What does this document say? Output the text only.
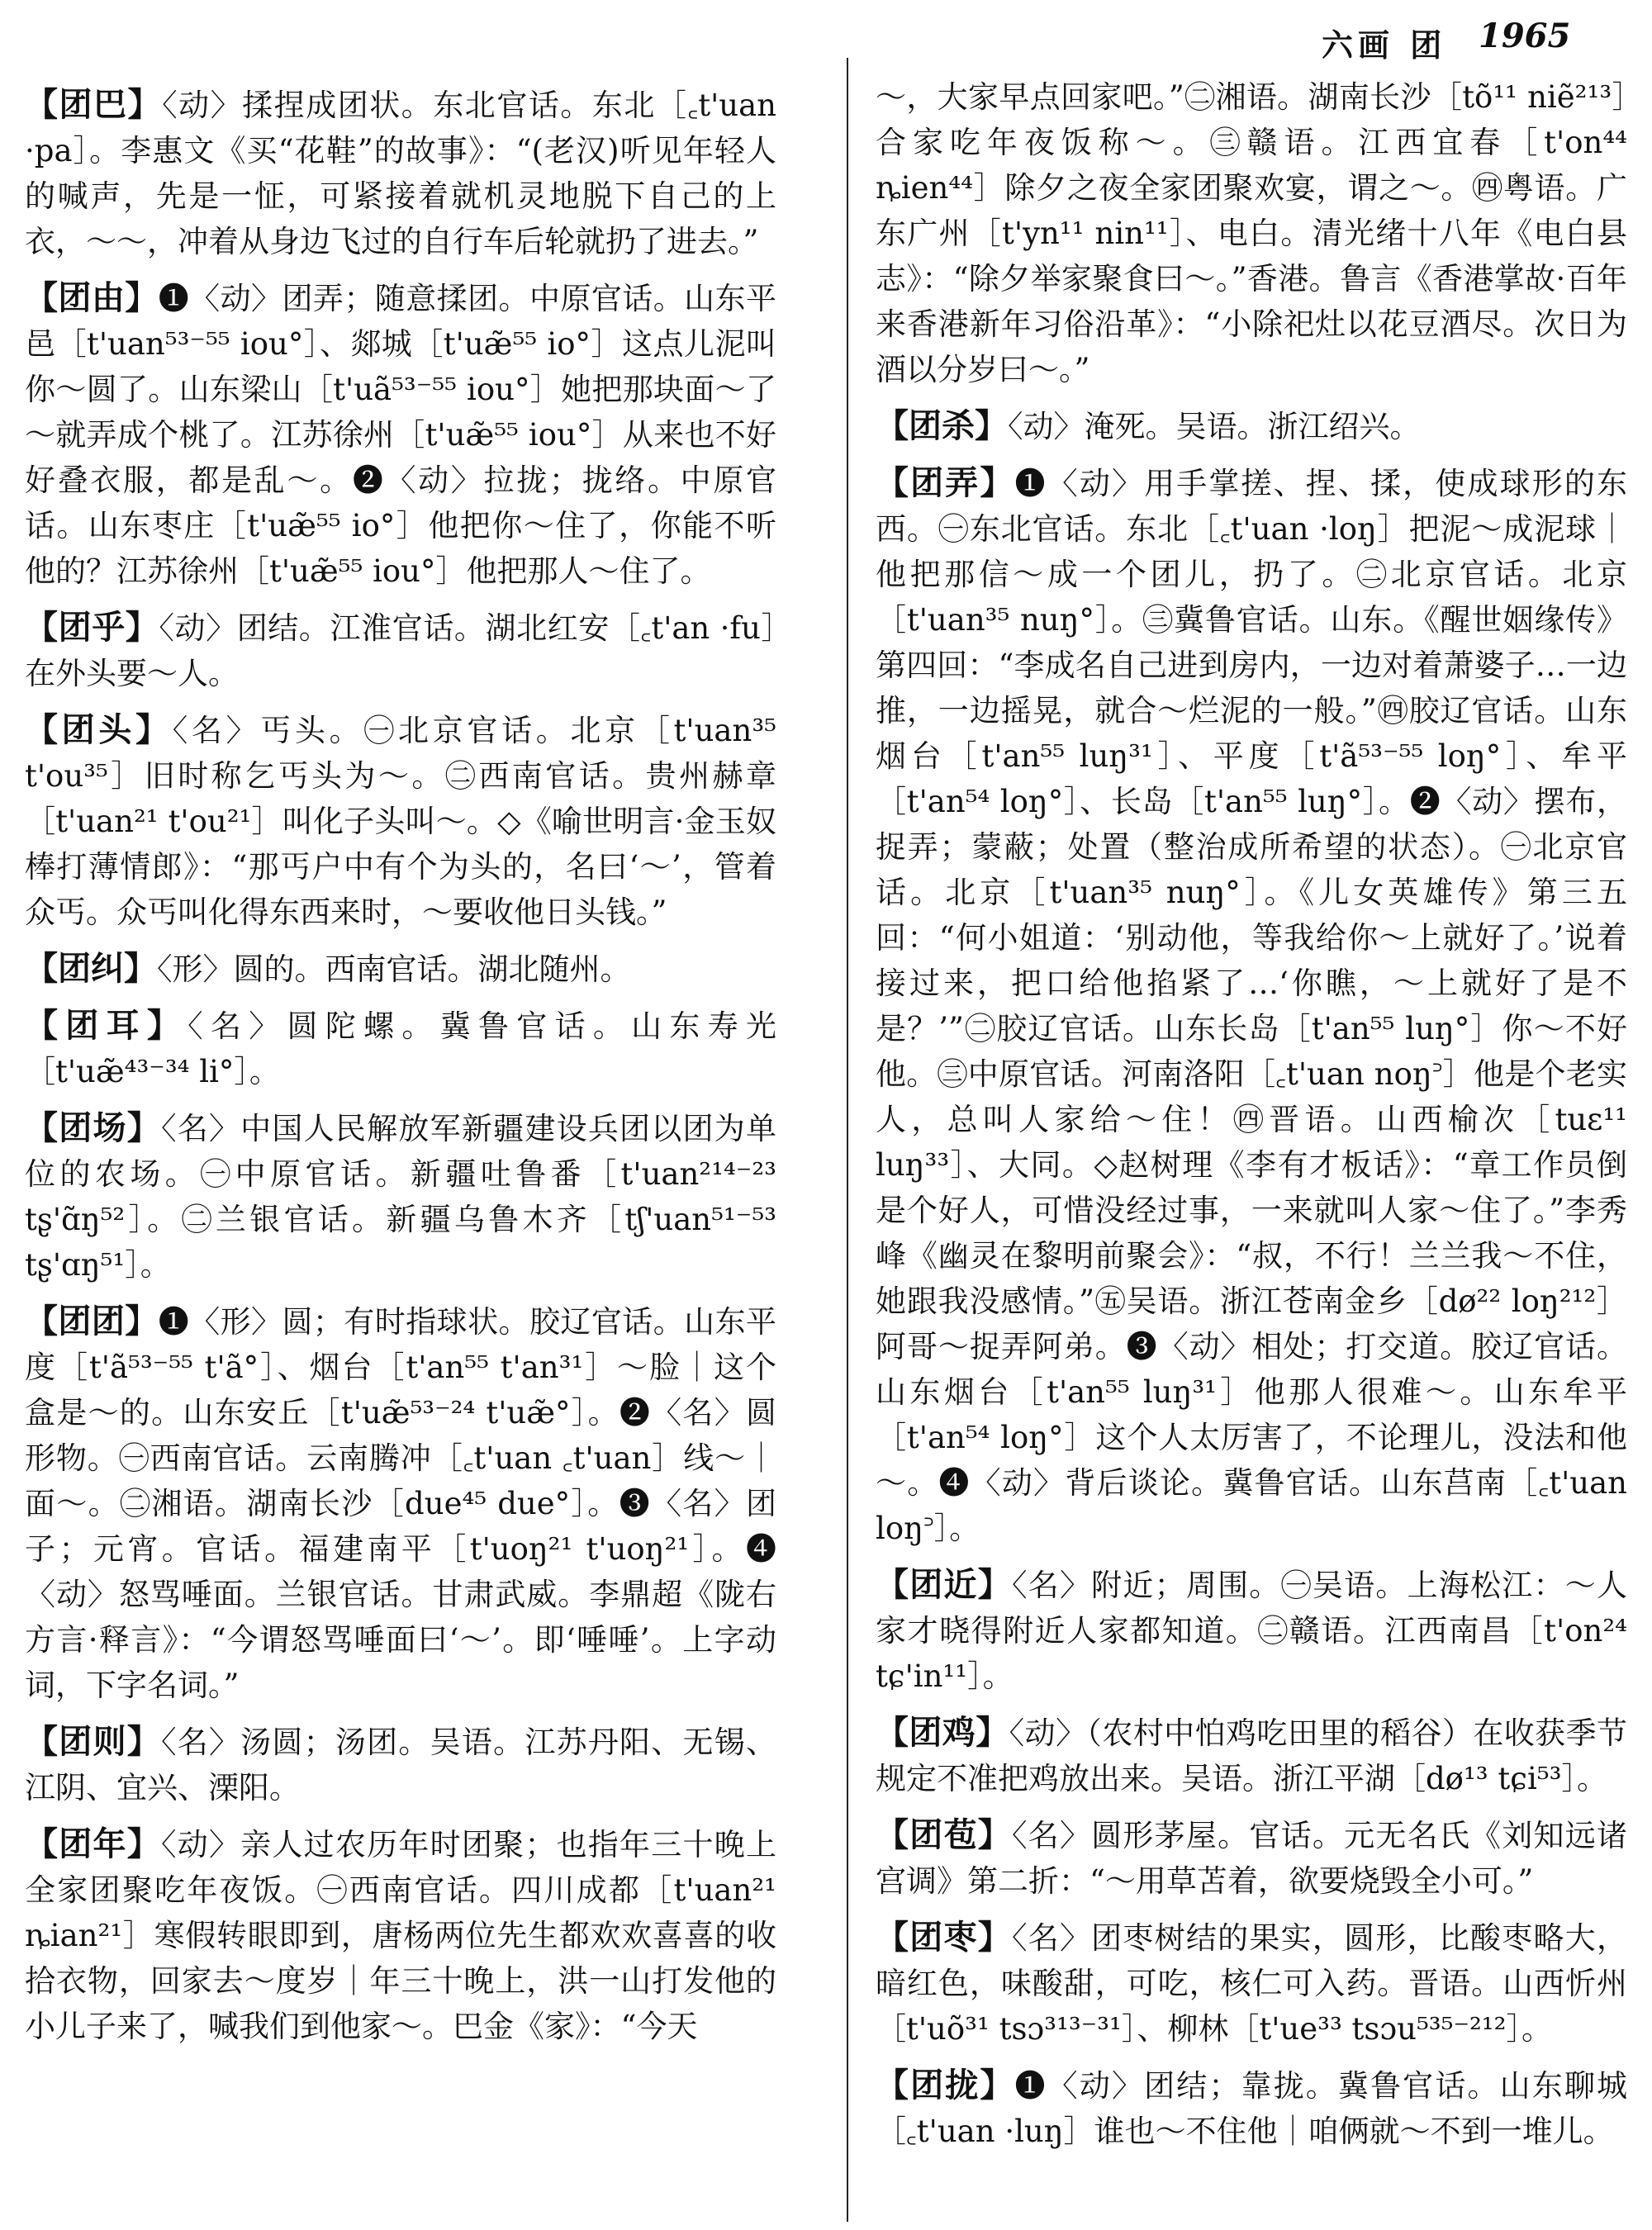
六画 团 1965

【团巴】〈动〉揉捏成团状。东北官话。东北［꜀t'uan ·pa］。李惠文《买“花鞋”的故事》：“(老汉)听见年轻人的喊声，先是一怔，可紧接着就机灵地脱下自己的上衣，～～，冲着从身边飞过的自行车后轮就扔了进去。”

【团由】❶〈动〉团弄；随意揉团。中原官话。山东平邑［t'uan⁵³⁻⁵⁵ iou°］、郯城［t'uæ̃⁵⁵ io°］这点儿泥叫你～圆了。山东梁山［t'uã⁵³⁻⁵⁵ iou°］她把那块面～了～就弄成个桃了。江苏徐州［t'uæ̃⁵⁵ iou°］从来也不好好叠衣服，都是乱～。❷〈动〉拉拢；拢络。中原官话。山东枣庄［t'uæ̃⁵⁵ io°］他把你～住了，你能不听他的？江苏徐州［t'uæ̃⁵⁵ iou°］他把那人～住了。

【团乎】〈动〉团结。江淮官话。湖北红安［꜀t'an ·fu］在外头要～人。

【团头】〈名〉丐头。㊀北京官话。北京［t'uan³⁵ t'ou³⁵］旧时称乞丐头为～。㊁西南官话。贵州赫章［t'uan²¹ t'ou²¹］叫化子头叫～。◇《喻世明言·金玉奴棒打薄情郎》：“那丐户中有个为头的，名曰‘～’，管着众丐。众丐叫化得东西来时，～要收他日头钱。”

【团纠】〈形〉圆的。西南官话。湖北随州。

【团耳】〈名〉圆陀螺。冀鲁官话。山东寿光［t'uæ̃⁴³⁻³⁴ li°］。

【团场】〈名〉中国人民解放军新疆建设兵团以团为单位的农场。㊀中原官话。新疆吐鲁番［t'uan²¹⁴⁻²³ tʂ'ɑ̃ŋ⁵²］。㊁兰银官话。新疆乌鲁木齐［tʃ'uan⁵¹⁻⁵³ tʂ'ɑŋ⁵¹］。

【团团】❶〈形〉圆；有时指球状。胶辽官话。山东平度［t'ã⁵³⁻⁵⁵ t'ã°］、烟台［t'an⁵⁵ t'an³¹］～脸｜这个盒是～的。山东安丘［t'uæ̃⁵³⁻²⁴ t'uæ̃°］。❷〈名〉圆形物。㊀西南官话。云南腾冲［꜀t'uan ꜀t'uan］线～｜面～。㊁湘语。湖南长沙［due⁴⁵ due°］。❸〈名〉团子；元宵。官话。福建南平［t'uoŋ²¹ t'uoŋ²¹］。❹〈动〉怒骂唾面。兰银官话。甘肃武威。李鼎超《陇右方言·释言》：“今谓怒骂唾面曰‘～’。即‘唾唾’。上字动词，下字名词。”

【团则】〈名〉汤圆；汤团。吴语。江苏丹阳、无锡、江阴、宜兴、溧阳。

【团年】〈动〉亲人过农历年时团聚；也指年三十晚上全家团聚吃年夜饭。㊀西南官话。四川成都［t'uan²¹ ȵian²¹］寒假转眼即到，唐杨两位先生都欢欢喜喜的收拾衣物，回家去～度岁｜年三十晚上，洪一山打发他的小儿子来了，喊我们到他家～。巴金《家》：“今天

～，大家早点回家吧。”㊁湘语。湖南长沙［tõ¹¹ niẽ²¹³］合家吃年夜饭称～。㊂赣语。江西宜春［t'on⁴⁴ ȵien⁴⁴］除夕之夜全家团聚欢宴，谓之～。㊃粤语。广东广州［t'yn¹¹ nin¹¹］、电白。清光绪十八年《电白县志》：“除夕举家聚食曰～。”香港。鲁言《香港掌故·百年来香港新年习俗沿革》：“小除祀灶以花豆酒尽。次日为酒以分岁曰～。”

【团杀】〈动〉淹死。吴语。浙江绍兴。

【团弄】❶〈动〉用手掌搓、捏、揉，使成球形的东西。㊀东北官话。东北［꜀t'uan ·loŋ］把泥～成泥球｜他把那信～成一个团儿，扔了。㊁北京官话。北京［t'uan³⁵ nuŋ°］。㊂冀鲁官话。山东。《醒世姻缘传》第四回：“李成名自己进到房内，一边对着萧婆子…一边推，一边摇晃，就合～烂泥的一般。”㊃胶辽官话。山东烟台［t'an⁵⁵ luŋ³¹］、平度［t'ã⁵³⁻⁵⁵ loŋ°］、牟平［t'an⁵⁴ loŋ°］、长岛［t'an⁵⁵ luŋ°］。❷〈动〉摆布，捉弄；蒙蔽；处置（整治成所希望的状态）。㊀北京官话。北京［t'uan³⁵ nuŋ°］。《儿女英雄传》第三五回：“何小姐道：‘别动他，等我给你～上就好了。’说着接过来，把口给他掐紧了…‘你瞧，～上就好了是不是？’”㊁胶辽官话。山东长岛［t'an⁵⁵ luŋ°］你～不好他。㊂中原官话。河南洛阳［꜀t'uan noŋ꜄］他是个老实人，总叫人家给～住！㊃晋语。山西榆次［tuɛ¹¹ luŋ³³］、大同。◇赵树理《李有才板话》：“章工作员倒是个好人，可惜没经过事，一来就叫人家～住了。”李秀峰《幽灵在黎明前聚会》：“叔，不行！兰兰我～不住，她跟我没感情。”㊄吴语。浙江苍南金乡［dø²² loŋ²¹²］阿哥～捉弄阿弟。❸〈动〉相处；打交道。胶辽官话。山东烟台［t'an⁵⁵ luŋ³¹］他那人很难～。山东牟平［t'an⁵⁴ loŋ°］这个人太厉害了，不论理儿，没法和他～。❹〈动〉背后谈论。冀鲁官话。山东莒南［꜀t'uan loŋ꜄］。

【团近】〈名〉附近；周围。㊀吴语。上海松江：～人家才晓得附近人家都知道。㊁赣语。江西南昌［t'on²⁴ tɕ'in¹¹］。

【团鸡】〈动〉（农村中怕鸡吃田里的稻谷）在收获季节规定不准把鸡放出来。吴语。浙江平湖［dø¹³ tɕi⁵³］。

【团苞】〈名〉圆形茅屋。官话。元无名氏《刘知远诸宫调》第二折：“～用草苫着，欲要烧毁全小可。”

【团枣】〈名〉团枣树结的果实，圆形，比酸枣略大，暗红色，味酸甜，可吃，核仁可入药。晋语。山西忻州［t'uõ³¹ tsɔ³¹³⁻³¹］、柳林［t'ue³³ tsɔu⁵³⁵⁻²¹²］。

【团拢】❶〈动〉团结；靠拢。冀鲁官话。山东聊城［꜀t'uan ·luŋ］谁也～不住他｜咱俩就～不到一堆儿。
